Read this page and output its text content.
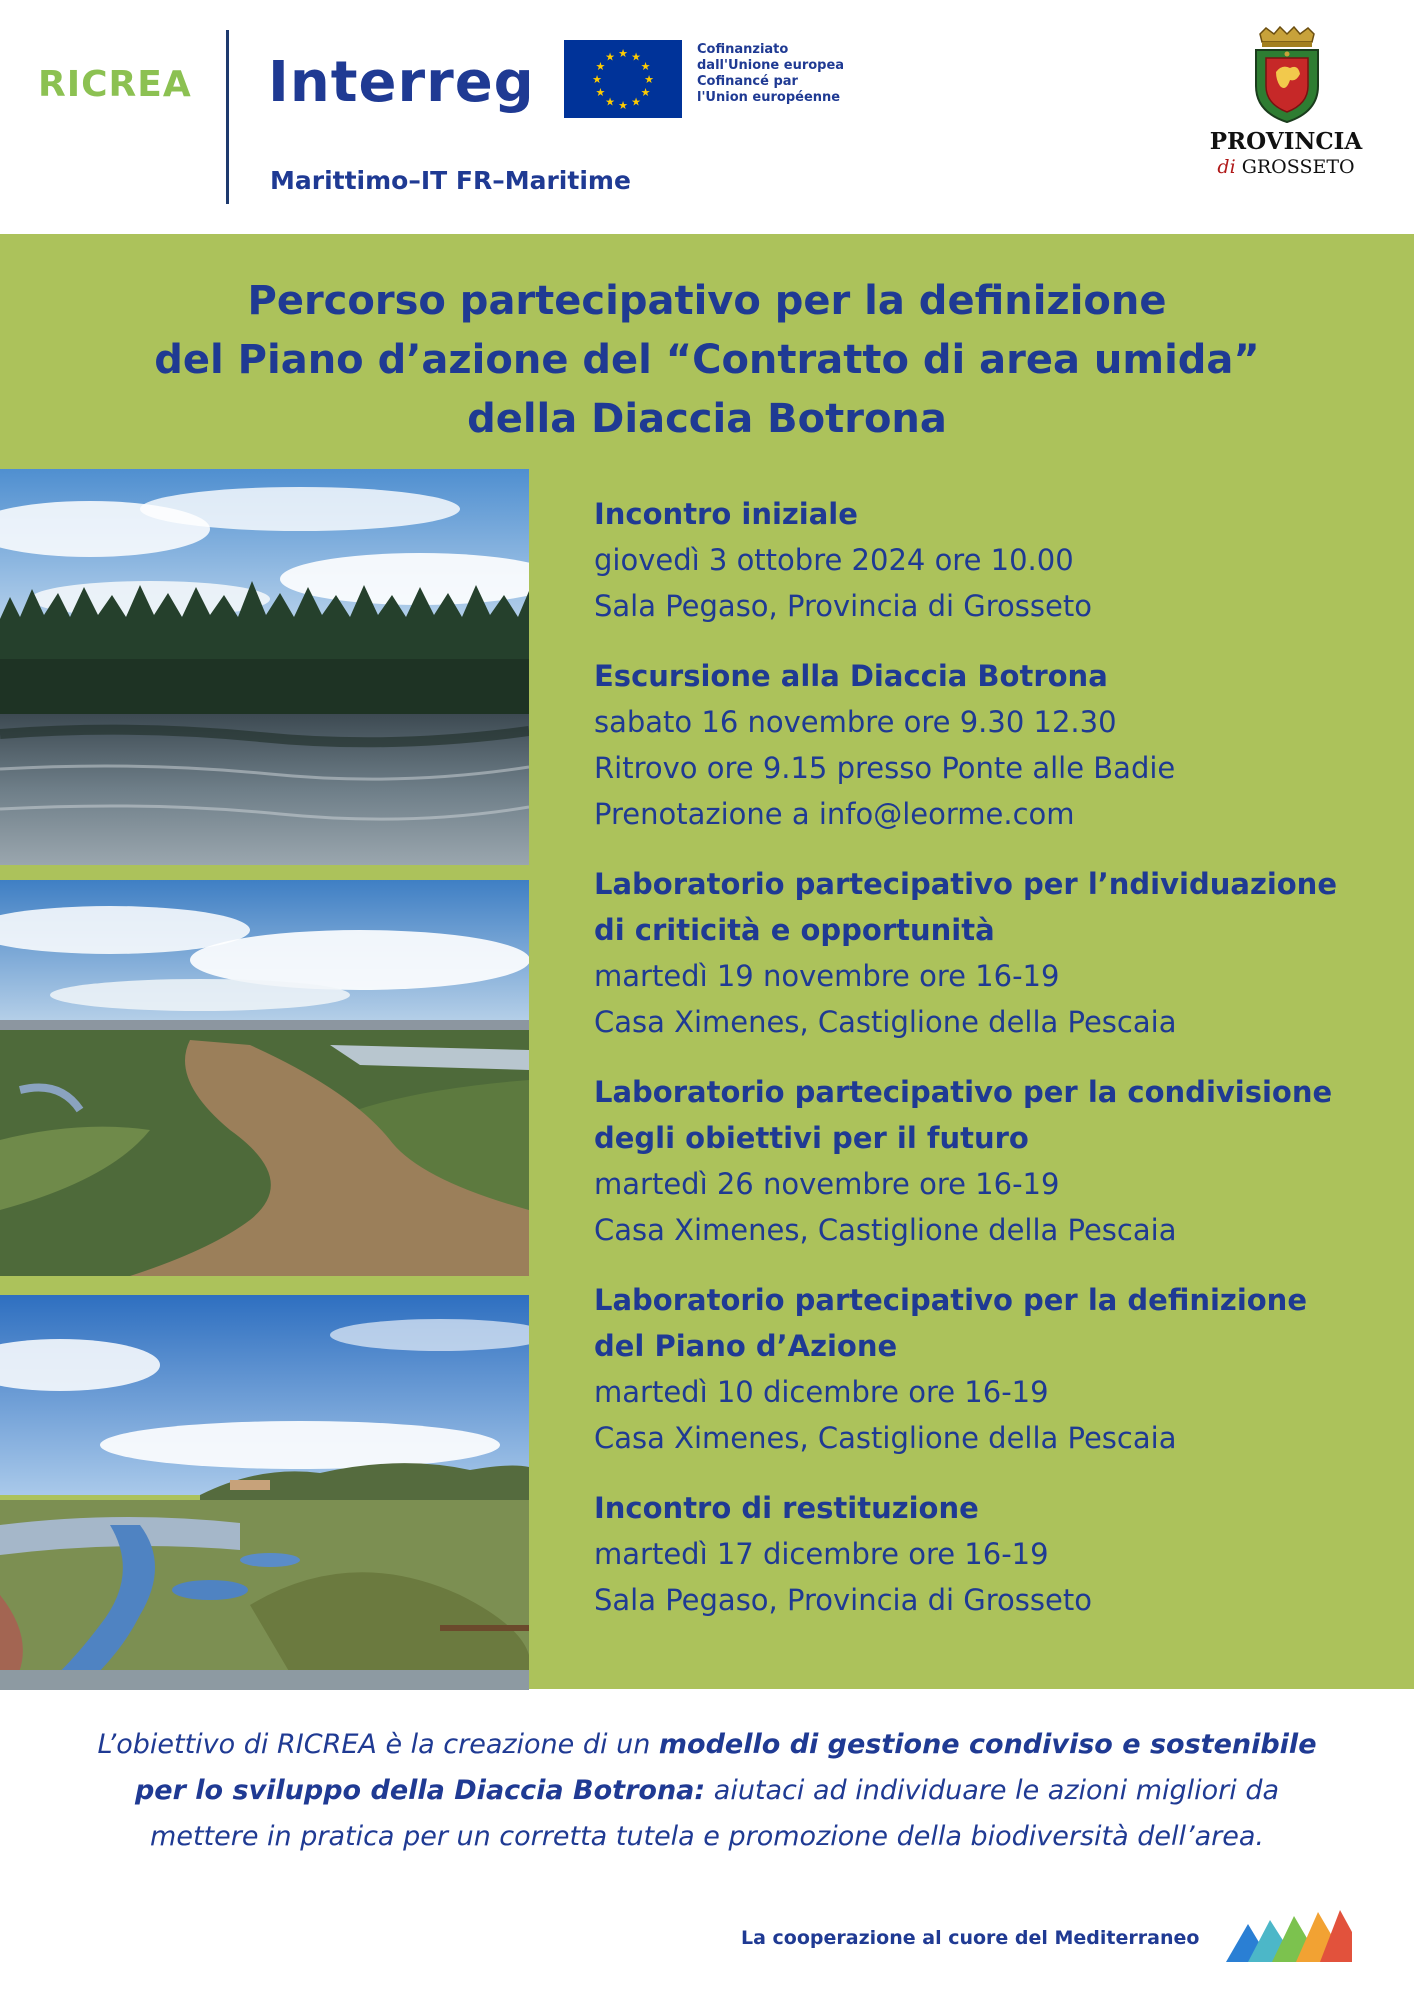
RICREA Interreg	★ ★
★
★
★
★
★
★
★
★
★
★	Cofinanziato
dall'Unione europea
Cofinancé par
l'Union européenne
Marittimo–IT FR–Maritime
PROVINCIA
di GROSSETO
Percorso partecipativo per la definizione
del Piano d’azione del “Contratto di area umida”
della Diaccia Botrona
Incontro iniziale
giovedì 3 ottobre 2024 ore 10.00
Sala Pegaso, Provincia di Grosseto
Escursione alla Diaccia Botrona
sabato 16 novembre ore 9.30 12.30
Ritrovo ore 9.15 presso Ponte alle Badie
Prenotazione a info@leorme.com
Laboratorio partecipativo per l’ndividuazione
di criticità e opportunità
martedì 19 novembre ore 16-19
Casa Ximenes, Castiglione della Pescaia
Laboratorio partecipativo per la condivisione
degli obiettivi per il futuro
martedì 26 novembre ore 16-19
Casa Ximenes, Castiglione della Pescaia
Laboratorio partecipativo per la definizione
del Piano d’Azione
martedì 10 dicembre ore 16-19
Casa Ximenes, Castiglione della Pescaia
Incontro di restituzione
martedì 17 dicembre ore 16-19
Sala Pegaso, Provincia di Grosseto
L’obiettivo di RICREA è la creazione di un modello di gestione condiviso e sostenibile
per lo sviluppo della Diaccia Botrona: aiutaci ad individuare le azioni migliori da
mettere in pratica per un corretta tutela e promozione della biodiversità dell’area.
La cooperazione al cuore del Mediterraneo
